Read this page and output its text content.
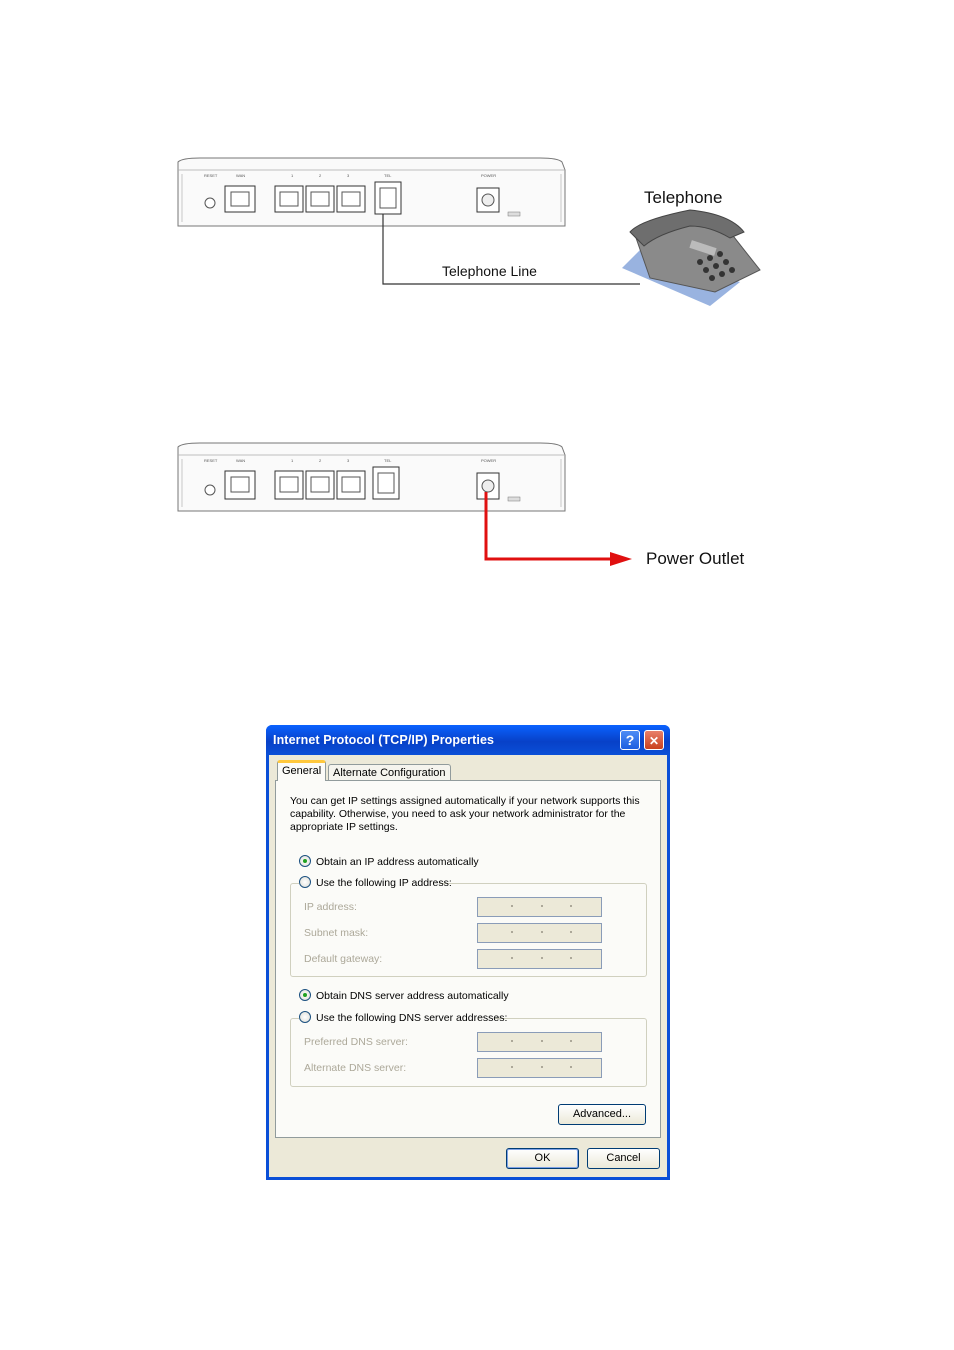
RESET	WAN	1	2	3	TEL	POWER
Telephone Line
Telephone
RESET	WAN	1	2	3	TEL	POWER
Power Outlet
Internet Protocol (TCP/IP) Properties	?	✕
General	Alternate Configuration
You can get IP settings assigned automatically if your network supports this capability. Otherwise, you need to ask your network administrator for the appropriate IP settings.
Obtain an IP address automatically
Use the following IP address:
IP address:
Subnet mask:
Default gateway:
Obtain DNS server address automatically
Use the following DNS server addresses:
Preferred DNS server:
Alternate DNS server:
Advanced...
OK	Cancel
